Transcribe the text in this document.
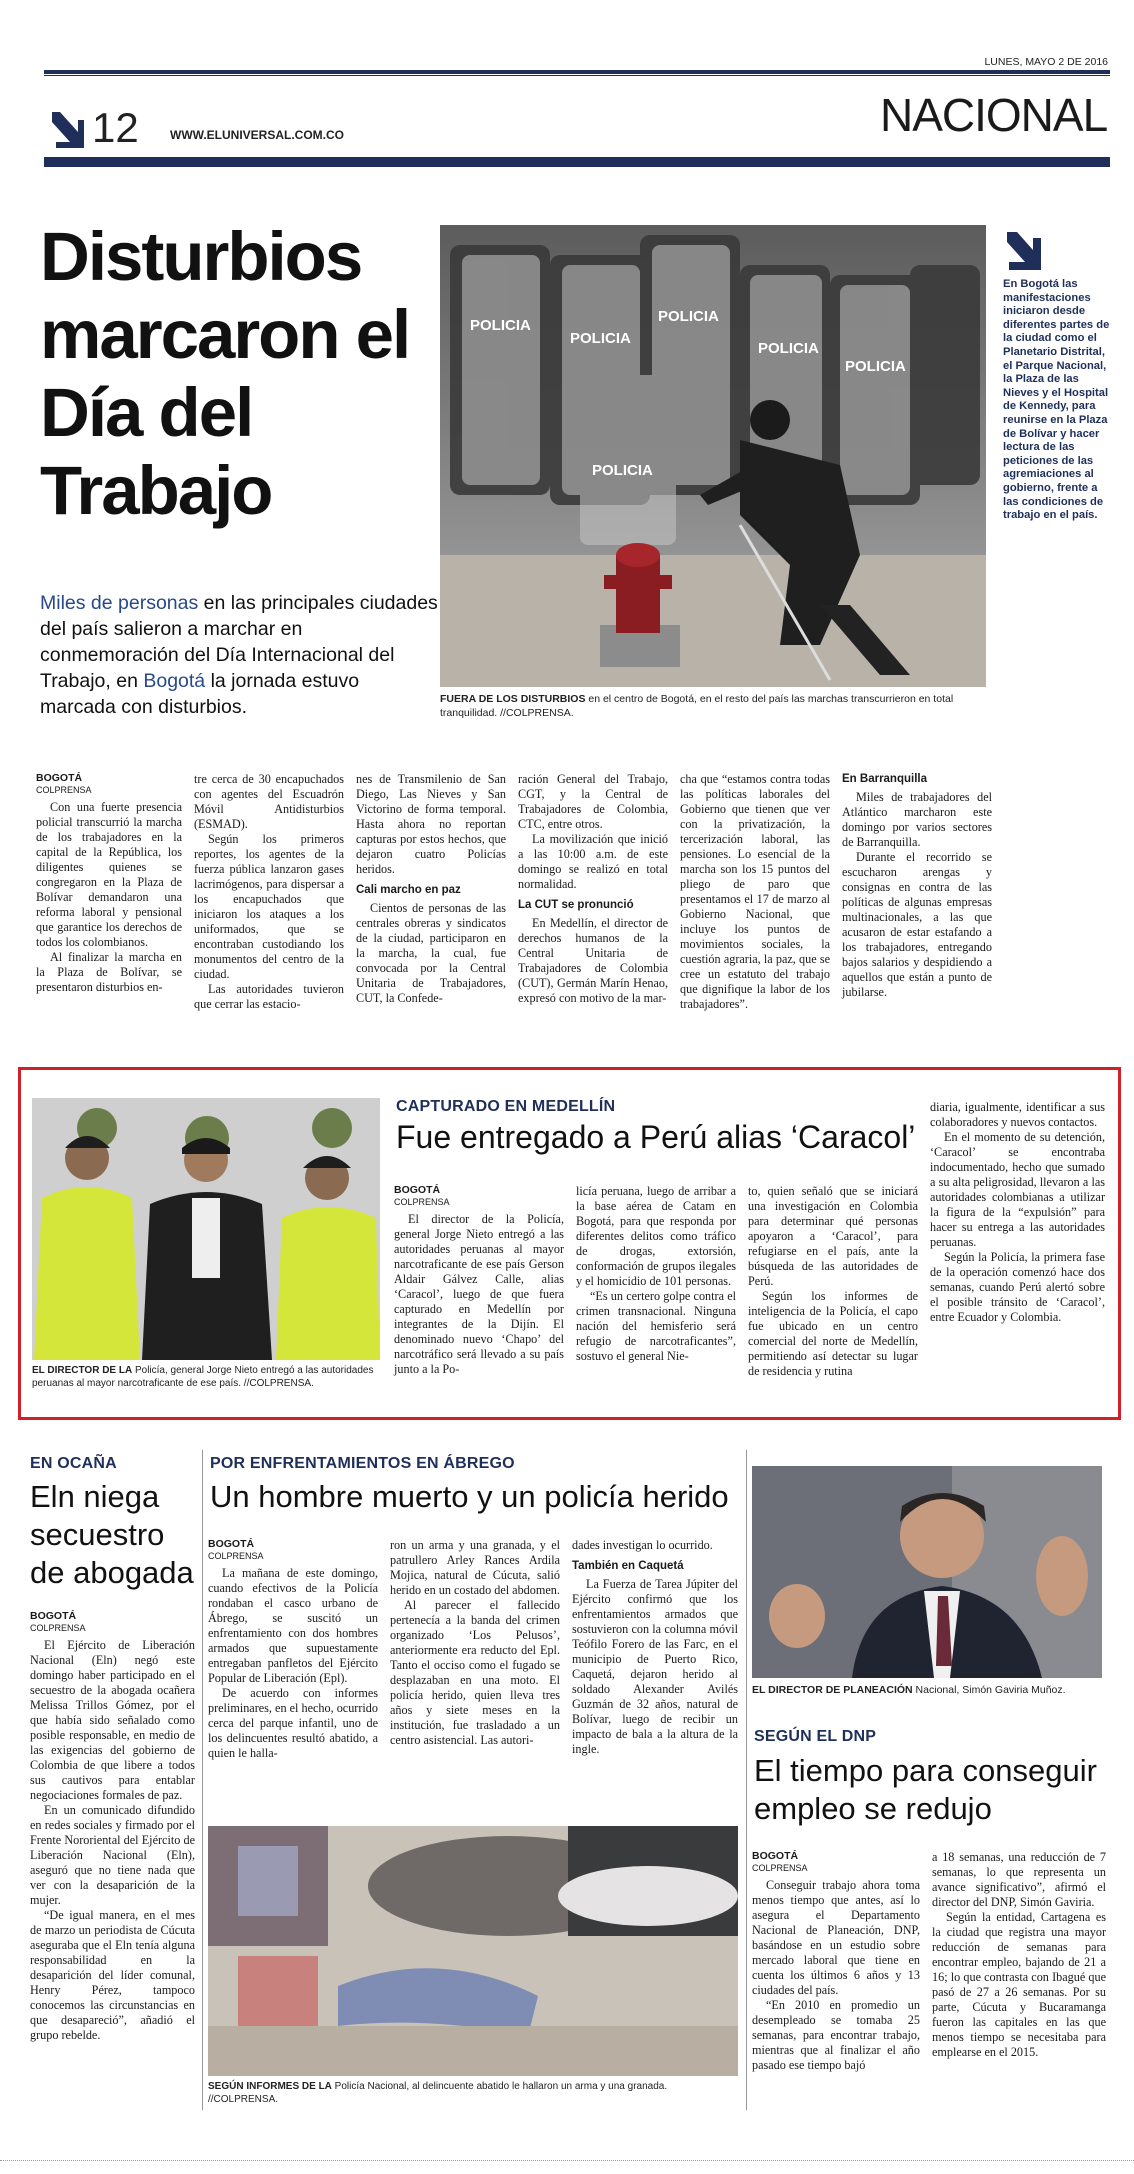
LUNES, MAYO 2 DE 2016
12	WWW.ELUNIVERSAL.COM.CO	NACIONAL
Disturbios marcaron el Día del Trabajo
Miles de personas en las principales ciudades del país salieron a marchar en conmemoración del Día Internacional del Trabajo, en Bogotá la jornada estuvo marcada con disturbios.
POLICIA
POLICIA
POLICIA
POLICIA
POLICIA
POLICIA
FUERA DE LOS DISTURBIOS en el centro de Bogotá, en el resto del país las marchas transcurrieron en total tranquilidad. //COLPRENSA.
En Bogotá las manifestaciones iniciaron desde diferentes partes de la ciudad como el Planetario Distrital, el Parque Nacional, la Plaza de las Nieves y el Hospital de Kennedy, para reunirse en la Plaza de Bolívar y hacer lectura de las peticiones de las agremiaciones al gobierno, frente a las condiciones de trabajo en el país.
BOGOTÁ
COLPRENSA

Con una fuerte presencia policial transcurrió la marcha de los trabajadores en la capital de la República, los diligentes quienes se congregaron en la Plaza de Bolívar demandaron una reforma laboral y pensional que garantice los derechos de todos los colombianos.

Al finalizar la marcha en la Plaza de Bolívar, se presentaron disturbios en-

tre cerca de 30 encapuchados con agentes del Escuadrón Móvil Antidisturbios (ESMAD).

Según los primeros reportes, los agentes de la fuerza pública lanzaron gases lacrimógenos, para dispersar a los encapuchados que iniciaron los ataques a los uniformados, que se encontraban custodiando los monumentos del centro de la ciudad.

Las autoridades tuvieron que cerrar las estacio-

nes de Transmilenio de San Diego, Las Nieves y San Victorino de forma temporal. Hasta ahora no reportan capturas por estos hechos, que dejaron cuatro Policías heridos.

Cali marcho en paz

Cientos de personas de las centrales obreras y sindicatos de la ciudad, participaron en la marcha, la cual, fue convocada por la Central Unitaria de Trabajadores, CUT, la Confede-

ración General del Trabajo, CGT, y la Central de Trabajadores de Colombia, CTC, entre otros.

La movilización que inició a las 10:00 a.m. de este domingo se realizó en total normalidad.

La CUT se pronunció

En Medellín, el director de derechos humanos de la Central Unitaria de Trabajadores de Colombia (CUT), Germán Marín Henao, expresó con motivo de la mar-

cha que “estamos contra todas las políticas laborales del Gobierno que tienen que ver con la privatización, la tercerización laboral, las pensiones. Lo esencial de la marcha son los 15 puntos del pliego de paro que presentamos el 17 de marzo al Gobierno Nacional, que incluye los puntos de movimientos sociales, la cuestión agraria, la paz, que se cree un estatuto del trabajo que dignifique la labor de los trabajadores”.

En Barranquilla

Miles de trabajadores del Atlántico marcharon este domingo por varios sectores de Barranquilla.

Durante el recorrido se escucharon arengas y consignas en contra de las políticas de algunas empresas multinacionales, a las que acusaron de estar estafando a los trabajadores, entregando bajos salarios y despidiendo a aquellos que están a punto de jubilarse.

EL DIRECTOR DE LA Policía, general Jorge Nieto entregó a las autoridades peruanas al mayor narcotraficante de ese país. //COLPRENSA.
CAPTURADO EN MEDELLÍN
Fue entregado a Perú alias ‘Caracol’
BOGOTÁ
COLPRENSA

El director de la Policía, general Jorge Nieto entregó a las autoridades peruanas al mayor narcotraficante de ese país Gerson Aldair Gálvez Calle, alias ‘Caracol’, luego de que fuera capturado en Medellín por integrantes de la Dijín. El denominado nuevo ‘Chapo’ del narcotráfico será llevado a su país junto a la Po-

licía peruana, luego de arribar a la base aérea de Catam en Bogotá, para que responda por diferentes delitos como tráfico de drogas, extorsión, conformación de grupos ilegales y el homicidio de 101 personas.

“Es un certero golpe contra el crimen transnacional. Ninguna nación del hemisferio será refugio de narcotraficantes”, sostuvo el general Nie-

to, quien señaló que se iniciará una investigación en Colombia para determinar qué personas apoyaron a ‘Caracol’, para refugiarse en el país, ante la búsqueda de las autoridades de Perú.

Según los informes de inteligencia de la Policía, el capo fue ubicado en un centro comercial del norte de Medellín, permitiendo así detectar su lugar de residencia y rutina

diaria, igualmente, identificar a sus colaboradores y nuevos contactos.

En el momento de su detención, ‘Caracol’ se encontraba indocumentado, hecho que sumado a su alta peligrosidad, llevaron a las autoridades colombianas a utilizar la figura de la “expulsión” para hacer su entrega a las autoridades peruanas.

Según la Policía, la primera fase de la operación comenzó hace dos semanas, cuando Perú alertó sobre el posible tránsito de ‘Caracol’, entre Ecuador y Colombia.

EN OCAÑA
Eln niega secuestro de abogada
BOGOTÁ
COLPRENSA

El Ejército de Liberación Nacional (Eln) negó este domingo haber participado en el secuestro de la abogada ocañera Melissa Trillos Gómez, por el que había sido señalado como posible responsable, en medio de las exigencias del gobierno de Colombia de que libere a todos sus cautivos para entablar negociaciones formales de paz.

En un comunicado difundido en redes sociales y firmado por el Frente Nororiental del Ejército de Liberación Nacional (Eln), aseguró que no tiene nada que ver con la desaparición de la mujer.

“De igual manera, en el mes de marzo un periodista de Cúcuta aseguraba que el Eln tenía alguna responsabilidad en la desaparición del líder comunal, Henry Pérez, tampoco conocemos las circunstancias en que desapareció”, añadió el grupo rebelde.

POR ENFRENTAMIENTOS EN ÁBREGO
Un hombre muerto y un policía herido
BOGOTÁ
COLPRENSA

La mañana de este domingo, cuando efectivos de la Policía rondaban el casco urbano de Ábrego, se suscitó un enfrentamiento con dos hombres armados que supuestamente entregaban panfletos del Ejército Popular de Liberación (Epl).

De acuerdo con informes preliminares, en el hecho, ocurrido cerca del parque infantil, uno de los delincuentes resultó abatido, a quien le halla-

ron un arma y una granada, y el patrullero Arley Rances Ardila Mojica, natural de Cúcuta, salió herido en un costado del abdomen.

Al parecer el fallecido pertenecía a la banda del crimen organizado ‘Los Pelusos’, anteriormente era reducto del Epl. Tanto el occiso como el fugado se desplazaban en una moto. El policía herido, quien lleva tres años y siete meses en la institución, fue trasladado a un centro asistencial. Las autori-

dades investigan lo ocurrido.

También en Caquetá

La Fuerza de Tarea Júpiter del Ejército confirmó que los enfrentamientos armados que sostuvieron con la columna móvil Teófilo Forero de las Farc, en el municipio de Puerto Rico, Caquetá, dejaron herido al soldado Alexander Avilés Guzmán de 32 años, natural de Bolívar, luego de recibir un impacto de bala a la altura de la ingle.

SEGÚN INFORMES DE LA Policía Nacional, al delincuente abatido le hallaron un arma y una granada. //COLPRENSA.
EL DIRECTOR DE PLANEACIÓN Nacional, Simón Gaviria Muñoz.
SEGÚN EL DNP
El tiempo para conseguir empleo se redujo
BOGOTÁ
COLPRENSA

Conseguir trabajo ahora toma menos tiempo que antes, así lo asegura el Departamento Nacional de Planeación, DNP, basándose en un estudio sobre mercado laboral que tiene en cuenta los últimos 6 años y 13 ciudades del país.

“En 2010 en promedio un desempleado se tomaba 25 semanas, para encontrar trabajo, mientras que al finalizar el año pasado ese tiempo bajó

a 18 semanas, una reducción de 7 semanas, lo que representa un avance significativo”, afirmó el director del DNP, Simón Gaviria.

Según la entidad, Cartagena es la ciudad que registra una mayor reducción de semanas para encontrar empleo, bajando de 21 a 16; lo que contrasta con Ibagué que pasó de 27 a 26 semanas. Por su parte, Cúcuta y Bucaramanga fueron las capitales en las que menos tiempo se necesitaba para emplearse en el 2015.
